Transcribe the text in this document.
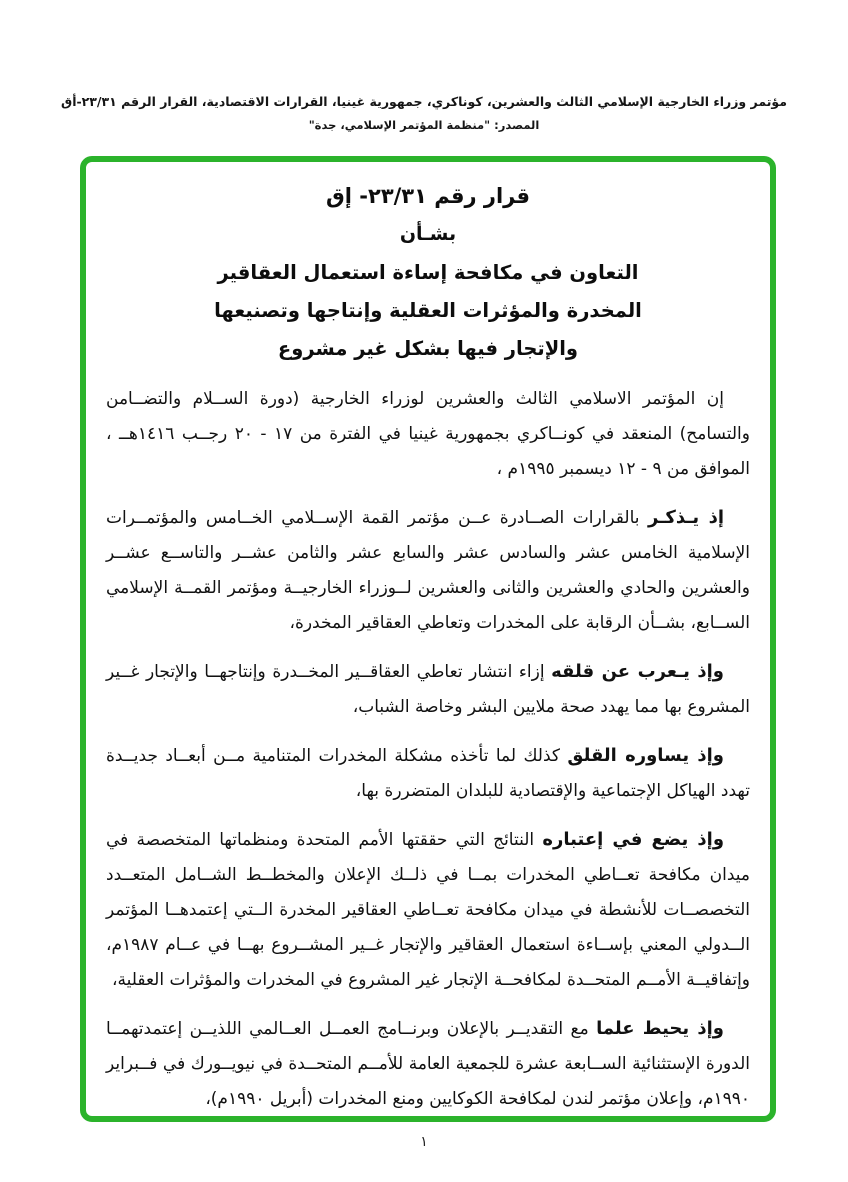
مؤتمر وزراء الخارجية الإسلامي الثالث والعشرين، كوناكري، جمهورية غينيا، القرارات الاقتصادية، القرار الرقم ٢٣/٣١-أق
المصدر: "منظمة المؤتمر الإسلامي، جدة"
قرار رقم ٢٣/٣١- إق
بشـأن
التعاون في مكافحة إساءة استعمال العقاقير
المخدرة والمؤثرات العقلية وإنتاجها وتصنيعها
والإتجار فيها بشكل غير مشروع

إن المؤتمر الاسلامي الثالث والعشرين لوزراء الخارجية (دورة الســلام والتضــامن والتسامح) المنعقد في كونــاكري بجمهورية غينيا في الفترة من ١٧ - ٢٠ رجــب ١٤١٦هــ ، الموافق من ٩ - ١٢ ديسمبر ١٩٩٥م ،

إذ يـذكـر بالقرارات الصــادرة عــن مؤتمر القمة الإســلامي الخــامس والمؤتمــرات الإسلامية الخامس عشر والسادس عشر والسابع عشر والثامن عشــر والتاســع عشــر والعشرين والحادي والعشرين والثانى والعشرين لــوزراء الخارجيــة ومؤتمر القمــة الإسلامي الســابع، بشــأن الرقابة على المخدرات وتعاطي العقاقير المخدرة،

وإذ يـعرب عن قلقه إزاء انتشار تعاطي العقاقــير المخــدرة وإنتاجهــا والإتجار غــير المشروع بها مما يهدد صحة ملايين البشر وخاصة الشباب،

وإذ يساوره القلق كذلك لما تأخذه مشكلة المخدرات المتنامية مــن أبعــاد جديــدة تهدد الهياكل الإجتماعية والإقتصادية للبلدان المتضررة بها،

وإذ يضع في إعتباره النتائج التي حققتها الأمم المتحدة ومنظماتها المتخصصة في ميدان مكافحة تعــاطي المخدرات بمــا في ذلــك الإعلان والمخطــط الشــامل المتعــدد التخصصــات للأنشطة في ميدان مكافحة تعــاطي العقاقير المخدرة الــتي إعتمدهــا المؤتمر الــدولي المعني بإســاءة استعمال العقاقير والإتجار غــير المشــروع بهــا في عــام ١٩٨٧م، وإتفاقيــة الأمــم المتحــدة لمكافحــة الإتجار غير المشروع في المخدرات والمؤثرات العقلية،

وإذ يحيط علما مع التقديــر بالإعلان وبرنــامج العمــل العــالمي اللذيــن إعتمدتهمــا الدورة الإستثنائية الســابعة عشرة للجمعية العامة للأمــم المتحــدة في نيويــورك في فــبراير ١٩٩٠م، وإعلان مؤتمر لندن لمكافحة الكوكايين ومنع المخدرات (أبريل ١٩٩٠م)،

١
